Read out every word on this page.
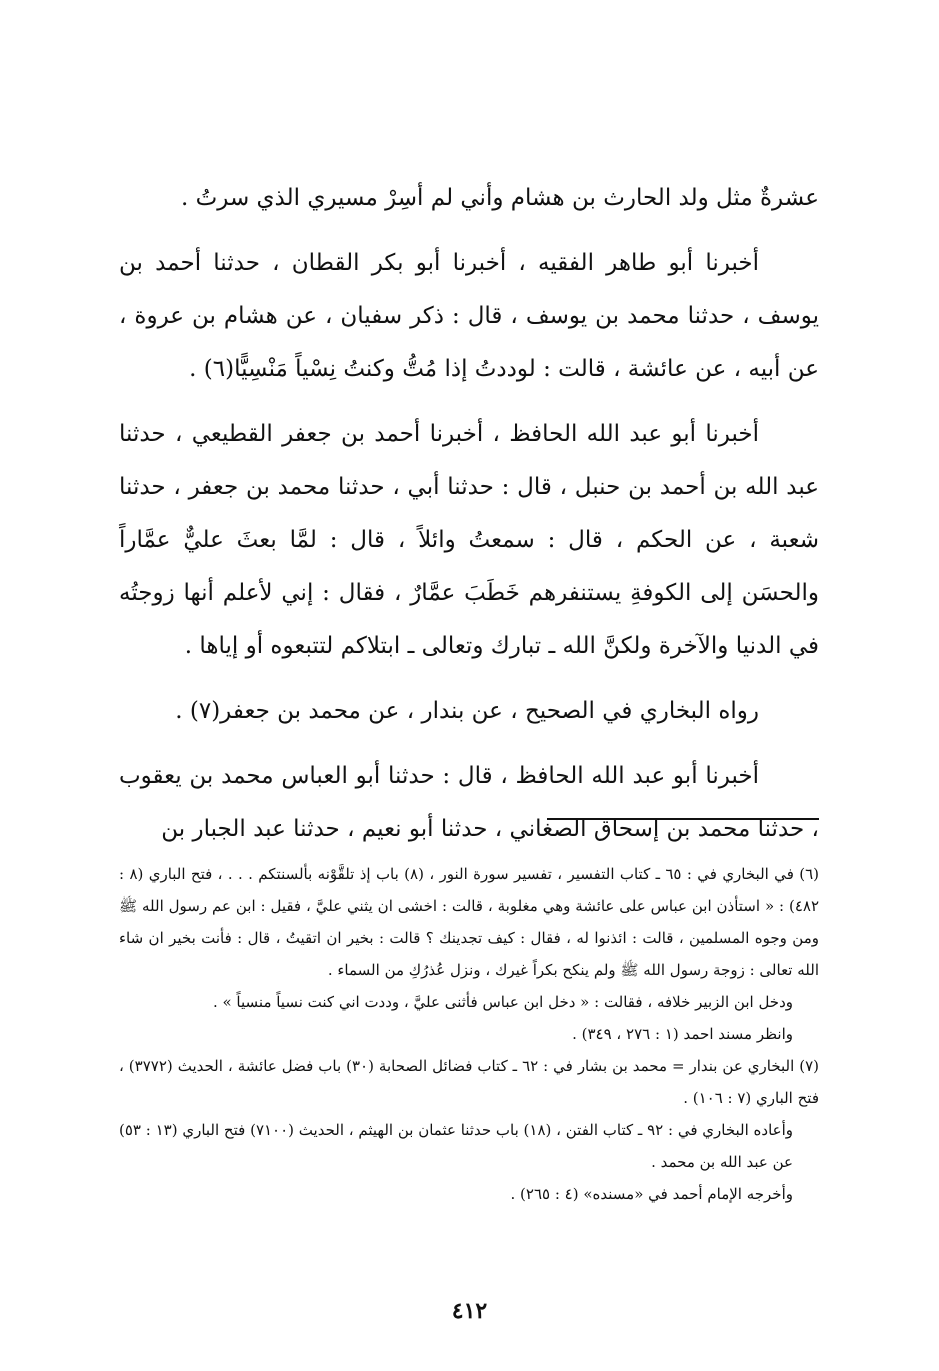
عشرةٌ مثل ولد الحارث بن هشام وأني لم أسِرْ مسيري الذي سرتُ .

أخبرنا أبو طاهر الفقيه ، أخبرنا أبو بكر القطان ، حدثنا أحمد بن يوسف ، حدثنا محمد بن يوسف ، قال : ذكر سفيان ، عن هشام بن عروة ، عن أبيه ، عن عائشة ، قالت : لوددتُ إذا مُتُّ وكنتُ نِسْياً مَنْسِيًّا(٦) .

أخبرنا أبو عبد الله الحافظ ، أخبرنا أحمد بن جعفر القطيعي ، حدثنا عبد الله بن أحمد بن حنبل ، قال : حدثنا أبي ، حدثنا محمد بن جعفر ، حدثنا شعبة ، عن الحكم ، قال : سمعتُ وائلاً ، قال : لمَّا بعثَ عليٌّ عمَّاراً والحسَن إلى الكوفةِ يستنفرهم خَطَبَ عمَّارٌ ، فقال : إني لأعلم أنها زوجتُه في الدنيا والآخرة ولكنَّ الله ـ تبارك وتعالى ـ ابتلاكم لتتبعوه أو إياها .

رواه البخاري في الصحيح ، عن بندار ، عن محمد بن جعفر(٧) .

أخبرنا أبو عبد الله الحافظ ، قال : حدثنا أبو العباس محمد بن يعقوب ، حدثنا محمد بن إسحاق الصغاني ، حدثنا أبو نعيم ، حدثنا عبد الجبار بن

(٦) في البخاري في : ٦٥ ـ كتاب التفسير ، تفسير سورة النور ، (٨) باب إذ تلقَّوْنه بألسنتكم . . . ، فتح الباري (٨ : ٤٨٢) : « استأذن ابن عباس على عائشة وهي مغلوبة ، قالت : اخشى ان يثني عليَّ ، فقيل : ابن عم رسول الله ﷺ ومن وجوه المسلمين ، قالت : ائذنوا له ، فقال : كيف تجدينك ؟ قالت : بخير ان اتقيتُ ، قال : فأنت بخير ان شاء الله تعالى : زوجة رسول الله ﷺ ولم ينكح بكراً غيرك ، ونزل عُذرُكِ من السماء .

ودخل ابن الزبير خلافه ، فقالت : « دخل ابن عباس فأثنى عليَّ ، وددت اني كنت نسياً منسياً » .

وانظر مسند احمد (١ : ٢٧٦ ، ٣٤٩) .

(٧) البخاري عن بندار = محمد بن بشار في : ٦٢ ـ كتاب فضائل الصحابة (٣٠) باب فضل عائشة ، الحديث (٣٧٧٢) ، فتح الباري (٧ : ١٠٦) .

وأعاده البخاري في : ٩٢ ـ كتاب الفتن ، (١٨) باب حدثنا عثمان بن الهيثم ، الحديث (٧١٠٠) فتح الباري (١٣ : ٥٣) عن عبد الله بن محمد .

وأخرجه الإمام أحمد في «مسنده» (٤ : ٢٦٥) .

٤١٢
